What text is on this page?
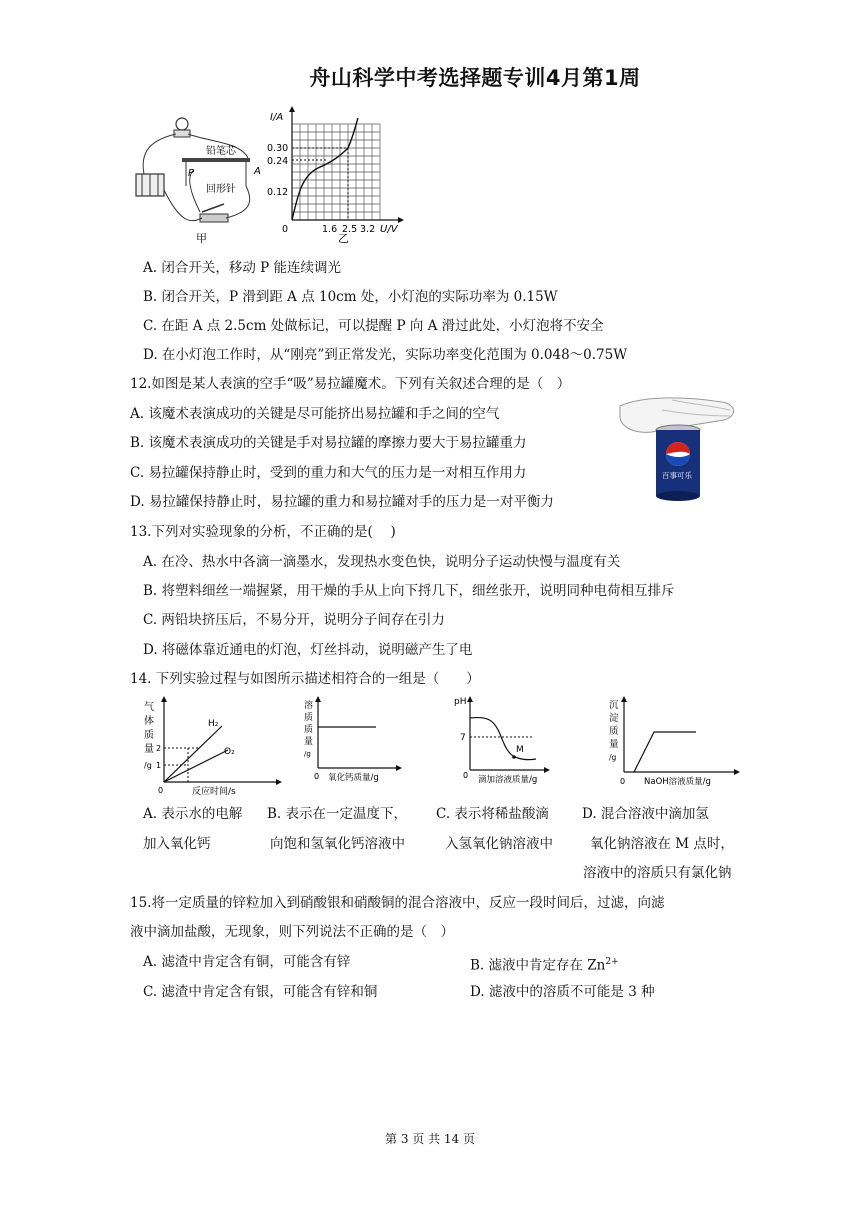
舟山科学中考选择题专训4月第1周
铅笔芯
P	A
回形针
甲
I/A
0.30
0.24
0.12
0	1.6 2.5 3.2 U/V
乙
A. 闭合开关，移动 P 能连续调光
B. 闭合开关，P 滑到距 A 点 10cm 处，小灯泡的实际功率为 0.15W
C. 在距 A 点 2.5cm 处做标记，可以提醒 P 向 A 滑过此处，小灯泡将不安全
D. 在小灯泡工作时，从“刚亮”到正常发光，实际功率变化范围为 0.048～0.75W
12.如图是某人表演的空手“吸”易拉罐魔术。下列有关叙述合理的是（　）
A. 该魔术表演成功的关键是尽可能挤出易拉罐和手之间的空气
B. 该魔术表演成功的关键是手对易拉罐的摩擦力要大于易拉罐重力
C. 易拉罐保持静止时，受到的重力和大气的压力是一对相互作用力
D. 易拉罐保持静止时，易拉罐的重力和易拉罐对手的压力是一对平衡力
百事可乐
13.下列对实验现象的分析，不正确的是(　 )
A. 在冷、热水中各滴一滴墨水，发现热水变色快，说明分子运动快慢与温度有关
B. 将塑料细丝一端握紧，用干燥的手从上向下捋几下，细丝张开，说明同种电荷相互排斥
C. 两铅块挤压后，不易分开，说明分子间存在引力
D. 将磁体靠近通电的灯泡，灯丝抖动，说明磁产生了电
14. 下列实验过程与如图所示描述相符合的一组是（　　）
气
体
质
量
/g
2
1
0
H₂
O₂
反应时间/s
溶
质
质
量
/g
0 氧化钙质量/g
pH
7
M
0 滴加溶液质量/g
沉
淀
质
量
/g
0 NaOH溶液质量/g
A. 表示水的电解 B. 表示在一定温度下， C. 表示将稀盐酸滴 D. 混合溶液中滴加氢
加入氧化钙	向饱和氢氧化钙溶液中	入氢氧化钠溶液中	氧化钠溶液在 M 点时，
溶液中的溶质只有氯化钠
15.将一定质量的锌粒加入到硝酸银和硝酸铜的混合溶液中，反应一段时间后，过滤，向滤
液中滴加盐酸，无现象，则下列说法不正确的是（　）
A. 滤渣中肯定含有铜，可能含有锌	B. 滤液中肯定存在 $Zn^{2+}$
C. 滤渣中肯定含有银，可能含有锌和铜	D. 滤液中的溶质不可能是 3 种
第 3 页 共 14 页
